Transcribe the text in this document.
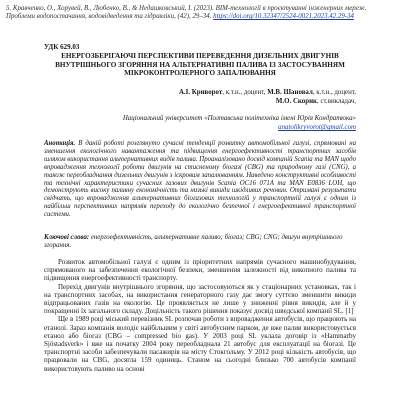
5. Кравченко, О., Хорувей, В., Любенко, В., & Недашковський, І. (2023). ВІМ-технології в проєктуванні інженерних мереж. Проблеми водопостачання, водовідведення та гідравліки, (42), 29–34. https://doi.org/10.32347/2524-0021.2023.42.29-34
УДК 629.03
ЕНЕРГОЗБЕРІГАЮЧІ ПЕРСПЕКТИВИ ПЕРЕВЕДЕННЯ ДИЗЕЛЬНИХ ДВИГУНІВ ВНУТРІШНЬОГО ЗГОРЯННЯ НА АЛЬТЕРНАТИВНІ ПАЛИВА ІЗ ЗАСТОСУВАННЯМ МІКРОКОНТРОЛЕРНОГО ЗАПАЛЮВАННЯ
А.І. Криворот, к.т.н., доцент, М.В. Шановал, к.т.н., доцент,
М.О. Скорик, ст.викладач,
Національний університет «Полтавська політехніка імені Юрія Кондратюка»
anatolikryvorot@gmail.com
Анотація. В даній роботі розглянуто сучасні тенденції розвитку автомобільної галузі, спрямовані на зменшення екологічного навантаження та підвищення енергоефективності транспортних засобів шляхом використання альтернативних видів палива. Проаналізовано досвід компаній Scania та MAN щодо впровадження технології роботи двигунів на стисненому біогазі (CBG) та природному газі (CNG), а також переобладнання дизельних двигунів з іскровим запалюванням. Наведено конструктивні особливості та технічні характеристики сучасних газових двигунів Scania OC16 071A та MAN E0836 LOH, що демонструють високу паливну економічність та низькі викиди шкідливих речовин. Отримані результати свідчать, що впровадження альтернативних біогазових технологій у транспортній галузі є одним із найбільш перспективних напрямів переходу до екологічно безпечної і енергоефективної транспортної системи.
Ключові слова: енергоефективність, альтернативне паливо; біогаз; CBG; CNG; двигун внутрішнього згорання.

Розвиток автомобільної галузі є одним із пріоритетних напрямів сучасного машинобудування, спрямованого на забезпечення екологічної безпеки, зменшення залежності від викопного палива та підвищення енергоефективності транспорту.

Перехід двигунів внутрішнього згоряння, що застосовуються як у стаціонарних установках, так і на транспортних засобах, на використання генераторного газу дає змогу суттєво зменшити викиди відпрацьованих газів на екологію. Це проявляється не лише у зниженні рівня викидів, але й у покращенні їх загального складу. Доцільність такого рішення показує досвід шведської компанії SL. [1]

Ще в 1989 році міський перевізник SL розпочав роботи з впровадження автобусів, що працюють на етанолі. Зараз компанія володіє найбільшим у світі автобусним парком, де вже палив використовується етанол або біогаз (CBG – compressed bio gas). У 2003 році SL уклала договір із «Hammarby Sjöstadsverk» і вже на початку 2004 року переобладнала 21 автобус для експлуатації на біогазі. Це транспортні засоби забезпечували пасажирів на місту Стокгольму. У 2012 році кількість автобусів, що працювали на CBG, досягла 159 одиниць. Станом на сьогодні близько 700 автобусів компанії використовують паливо на основі
